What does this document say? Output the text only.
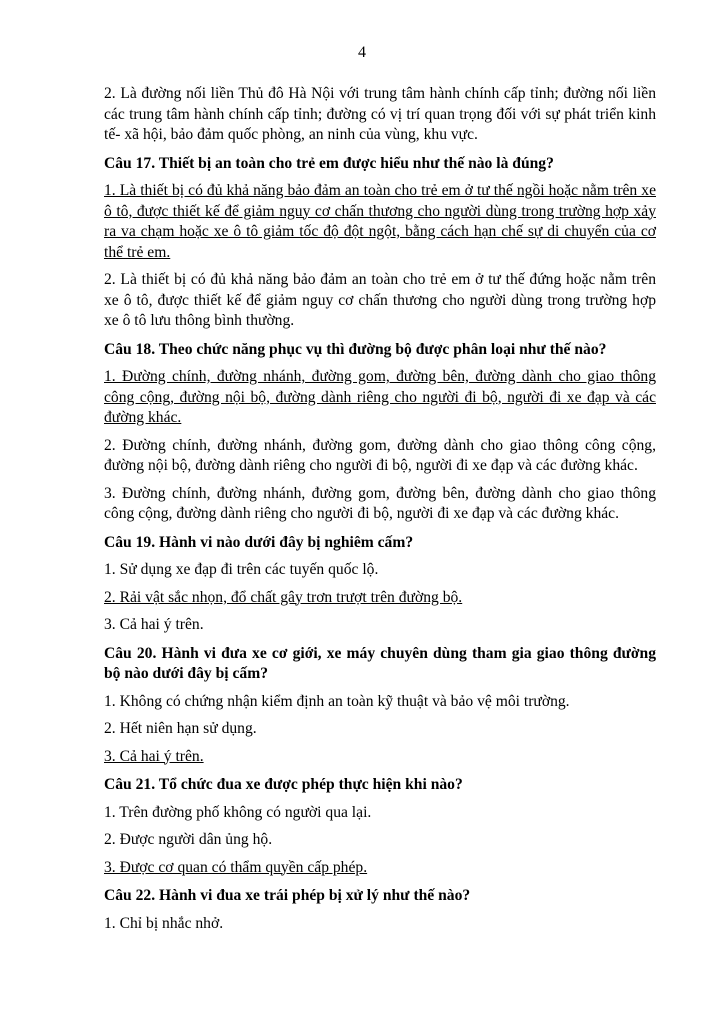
4

2. Là đường nối liền Thủ đô Hà Nội với trung tâm hành chính cấp tỉnh; đường nối liền các trung tâm hành chính cấp tỉnh; đường có vị trí quan trọng đối với sự phát triển kinh tế- xã hội, bảo đảm quốc phòng, an ninh của vùng, khu vực.

Câu 17. Thiết bị an toàn cho trẻ em được hiểu như thế nào là đúng?

1. Là thiết bị có đủ khả năng bảo đảm an toàn cho trẻ em ở tư thế ngồi hoặc nằm trên xe ô tô, được thiết kế để giảm nguy cơ chấn thương cho người dùng trong trường hợp xảy ra va chạm hoặc xe ô tô giảm tốc độ đột ngột, bằng cách hạn chế sự di chuyển của cơ thể trẻ em.

2. Là thiết bị có đủ khả năng bảo đảm an toàn cho trẻ em ở tư thế đứng hoặc nằm trên xe ô tô, được thiết kế để giảm nguy cơ chấn thương cho người dùng trong trường hợp xe ô tô lưu thông bình thường.

Câu 18. Theo chức năng phục vụ thì đường bộ được phân loại như thế nào?

1. Đường chính, đường nhánh, đường gom, đường bên, đường dành cho giao thông công cộng, đường nội bộ, đường dành riêng cho người đi bộ, người đi xe đạp và các đường khác.

2. Đường chính, đường nhánh, đường gom, đường dành cho giao thông công cộng, đường nội bộ, đường dành riêng cho người đi bộ, người đi xe đạp và các đường khác.

3. Đường chính, đường nhánh, đường gom, đường bên, đường dành cho giao thông công cộng, đường dành riêng cho người đi bộ, người đi xe đạp và các đường khác.

Câu 19. Hành vi nào dưới đây bị nghiêm cấm?

1. Sử dụng xe đạp đi trên các tuyến quốc lộ.

2. Rải vật sắc nhọn, đổ chất gây trơn trượt trên đường bộ.

3. Cả hai ý trên.

Câu 20. Hành vi đưa xe cơ giới, xe máy chuyên dùng tham gia giao thông đường bộ nào dưới đây bị cấm?

1. Không có chứng nhận kiểm định an toàn kỹ thuật và bảo vệ môi trường.

2. Hết niên hạn sử dụng.

3. Cả hai ý trên.

Câu 21. Tổ chức đua xe được phép thực hiện khi nào?

1. Trên đường phố không có người qua lại.

2. Được người dân ủng hộ.

3. Được cơ quan có thẩm quyền cấp phép.

Câu 22. Hành vi đua xe trái phép bị xử lý như thế nào?

1. Chỉ bị nhắc nhở.
